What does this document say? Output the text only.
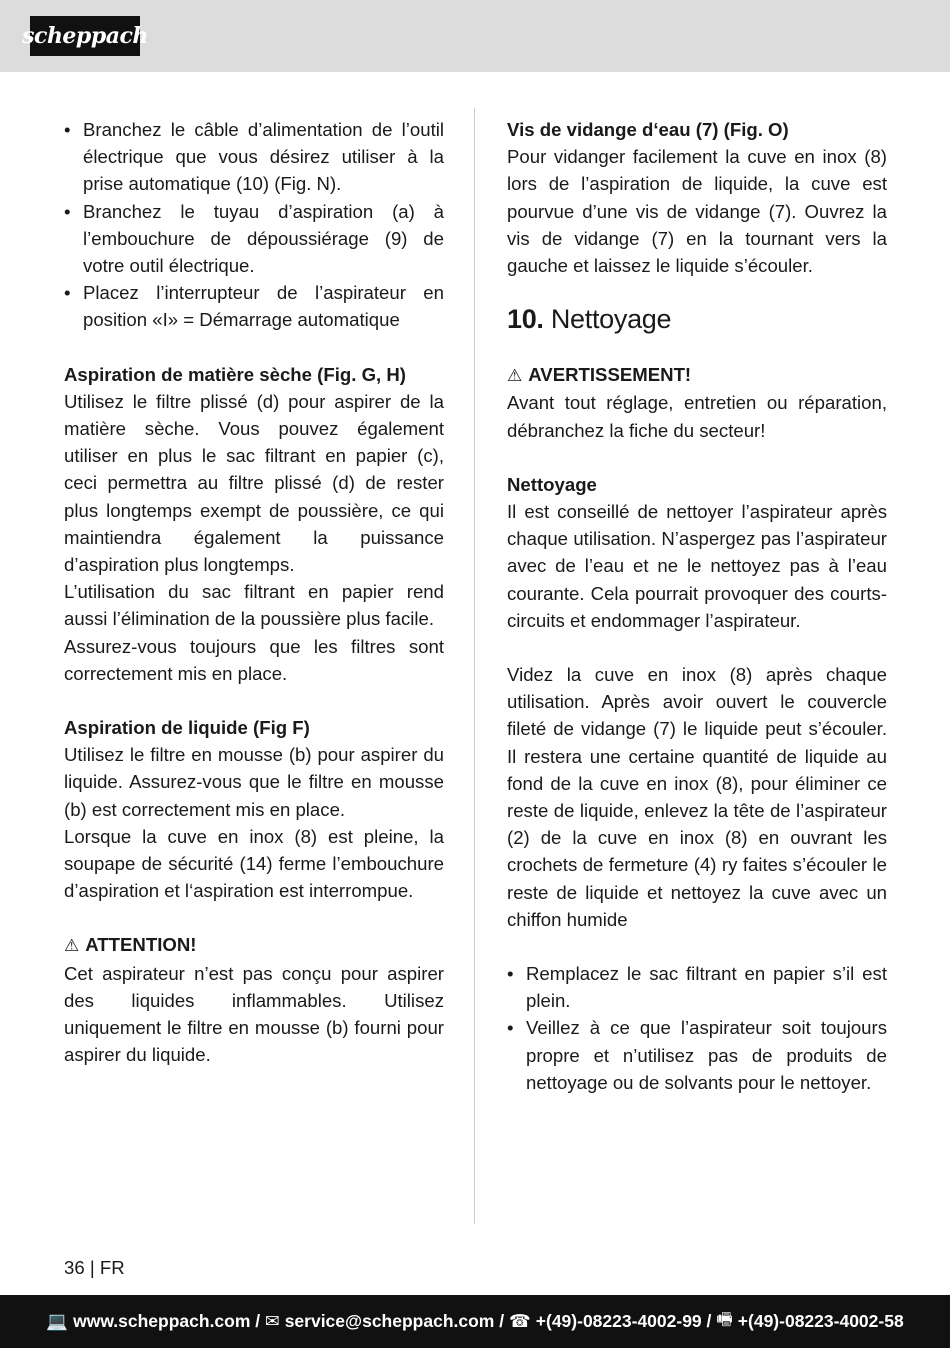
scheppach
• Branchez le câble d’alimentation de l’outil électrique que vous désirez utiliser à la prise automatique (10) (Fig. N).
• Branchez le tuyau d’aspiration (a) à l’embouchure de dépoussiérage (9) de votre outil électrique.
• Placez l’interrupteur de l’aspirateur en position «I» = Démarrage automatique

Aspiration de matière sèche (Fig. G, H)

Utilisez le filtre plissé (d) pour aspirer de la matière sèche. Vous pouvez également utiliser en plus le sac filtrant en papier (c), ceci permettra au filtre plissé (d) de rester plus longtemps exempt de poussière, ce qui maintiendra également la puissance d’aspiration plus longtemps.

L’utilisation du sac filtrant en papier rend aussi l’élimination de la poussière plus facile.

Assurez-vous toujours que les filtres sont correctement mis en place.

Aspiration de liquide (Fig F)

Utilisez le filtre en mousse (b) pour aspirer du liquide. Assurez-vous que le filtre en mousse (b) est correctement mis en place.

Lorsque la cuve en inox (8) est pleine, la soupape de sécurité (14) ferme l’embouchure d’aspiration et l‘aspiration est interrompue.

⚠ ATTENTION!

Cet aspirateur n’est pas conçu pour aspirer des liquides inflammables. Utilisez uniquement le filtre en mousse (b) fourni pour aspirer du liquide.

Vis de vidange d‘eau (7) (Fig. O)

Pour vidanger facilement la cuve en inox (8) lors de l’aspiration de liquide, la cuve est pourvue d’une vis de vidange (7). Ouvrez la vis de vidange (7) en la tournant vers la gauche et laissez le liquide s’écouler.

10. Nettoyage

⚠ AVERTISSEMENT!

Avant tout réglage, entretien ou réparation, débranchez la fiche du secteur!

Nettoyage

Il est conseillé de nettoyer l’aspirateur après chaque utilisation. N’aspergez pas l’aspirateur avec de l’eau et ne le nettoyez pas à l’eau courante. Cela pourrait provoquer des courts-circuits et endommager l’aspirateur.

Videz la cuve en inox (8) après chaque utilisation. Après avoir ouvert le couvercle fileté de vidange (7) le liquide peut s’écouler. Il restera une certaine quantité de liquide au fond de la cuve en inox (8), pour éliminer ce reste de liquide, enlevez la tête de l’aspirateur (2) de la cuve en inox (8) en ouvrant les crochets de fermeture (4) ry faites s’écouler le reste de liquide et nettoyez la cuve avec un chiffon humide

• Remplacez le sac filtrant en papier s’il est plein.
• Veillez à ce que l’aspirateur soit toujours propre et n’utilisez pas de produits de nettoyage ou de solvants pour le nettoyer.
36 | FR
💻 www.scheppach.com /
✉ service@scheppach.com /
☎ +(49)-08223-4002-99 /
🖷 +(49)-08223-4002-58
